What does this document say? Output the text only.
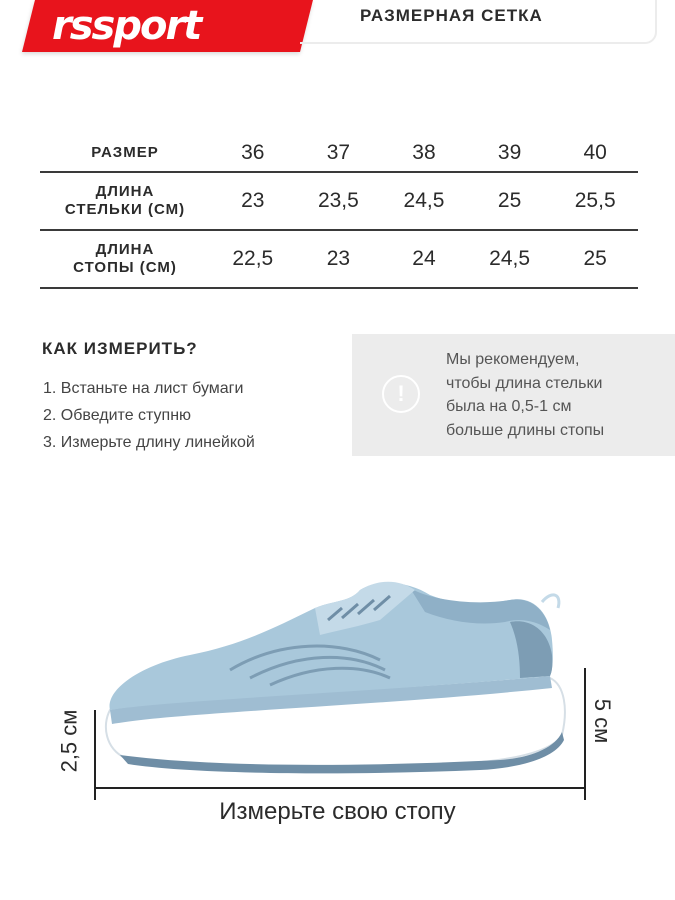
rssport	РАЗМЕРНАЯ СЕТКА
РАЗМЕР	36	37	38	39	40
ДЛИНА
СТЕЛЬКИ (СМ)	23	23,5	24,5	25	25,5
ДЛИНА
СТОПЫ (СМ)	22,5	23	24	24,5	25
КАК ИЗМЕРИТЬ?
1. Встаньте на лист бумаги
2. Обведите ступню
3. Измерьте длину линейкой
!
Мы рекомендуем,
чтобы длина стельки
была на 0,5-1 см
больше длины стопы
2,5 см	5 см
Измерьте свою стопу
